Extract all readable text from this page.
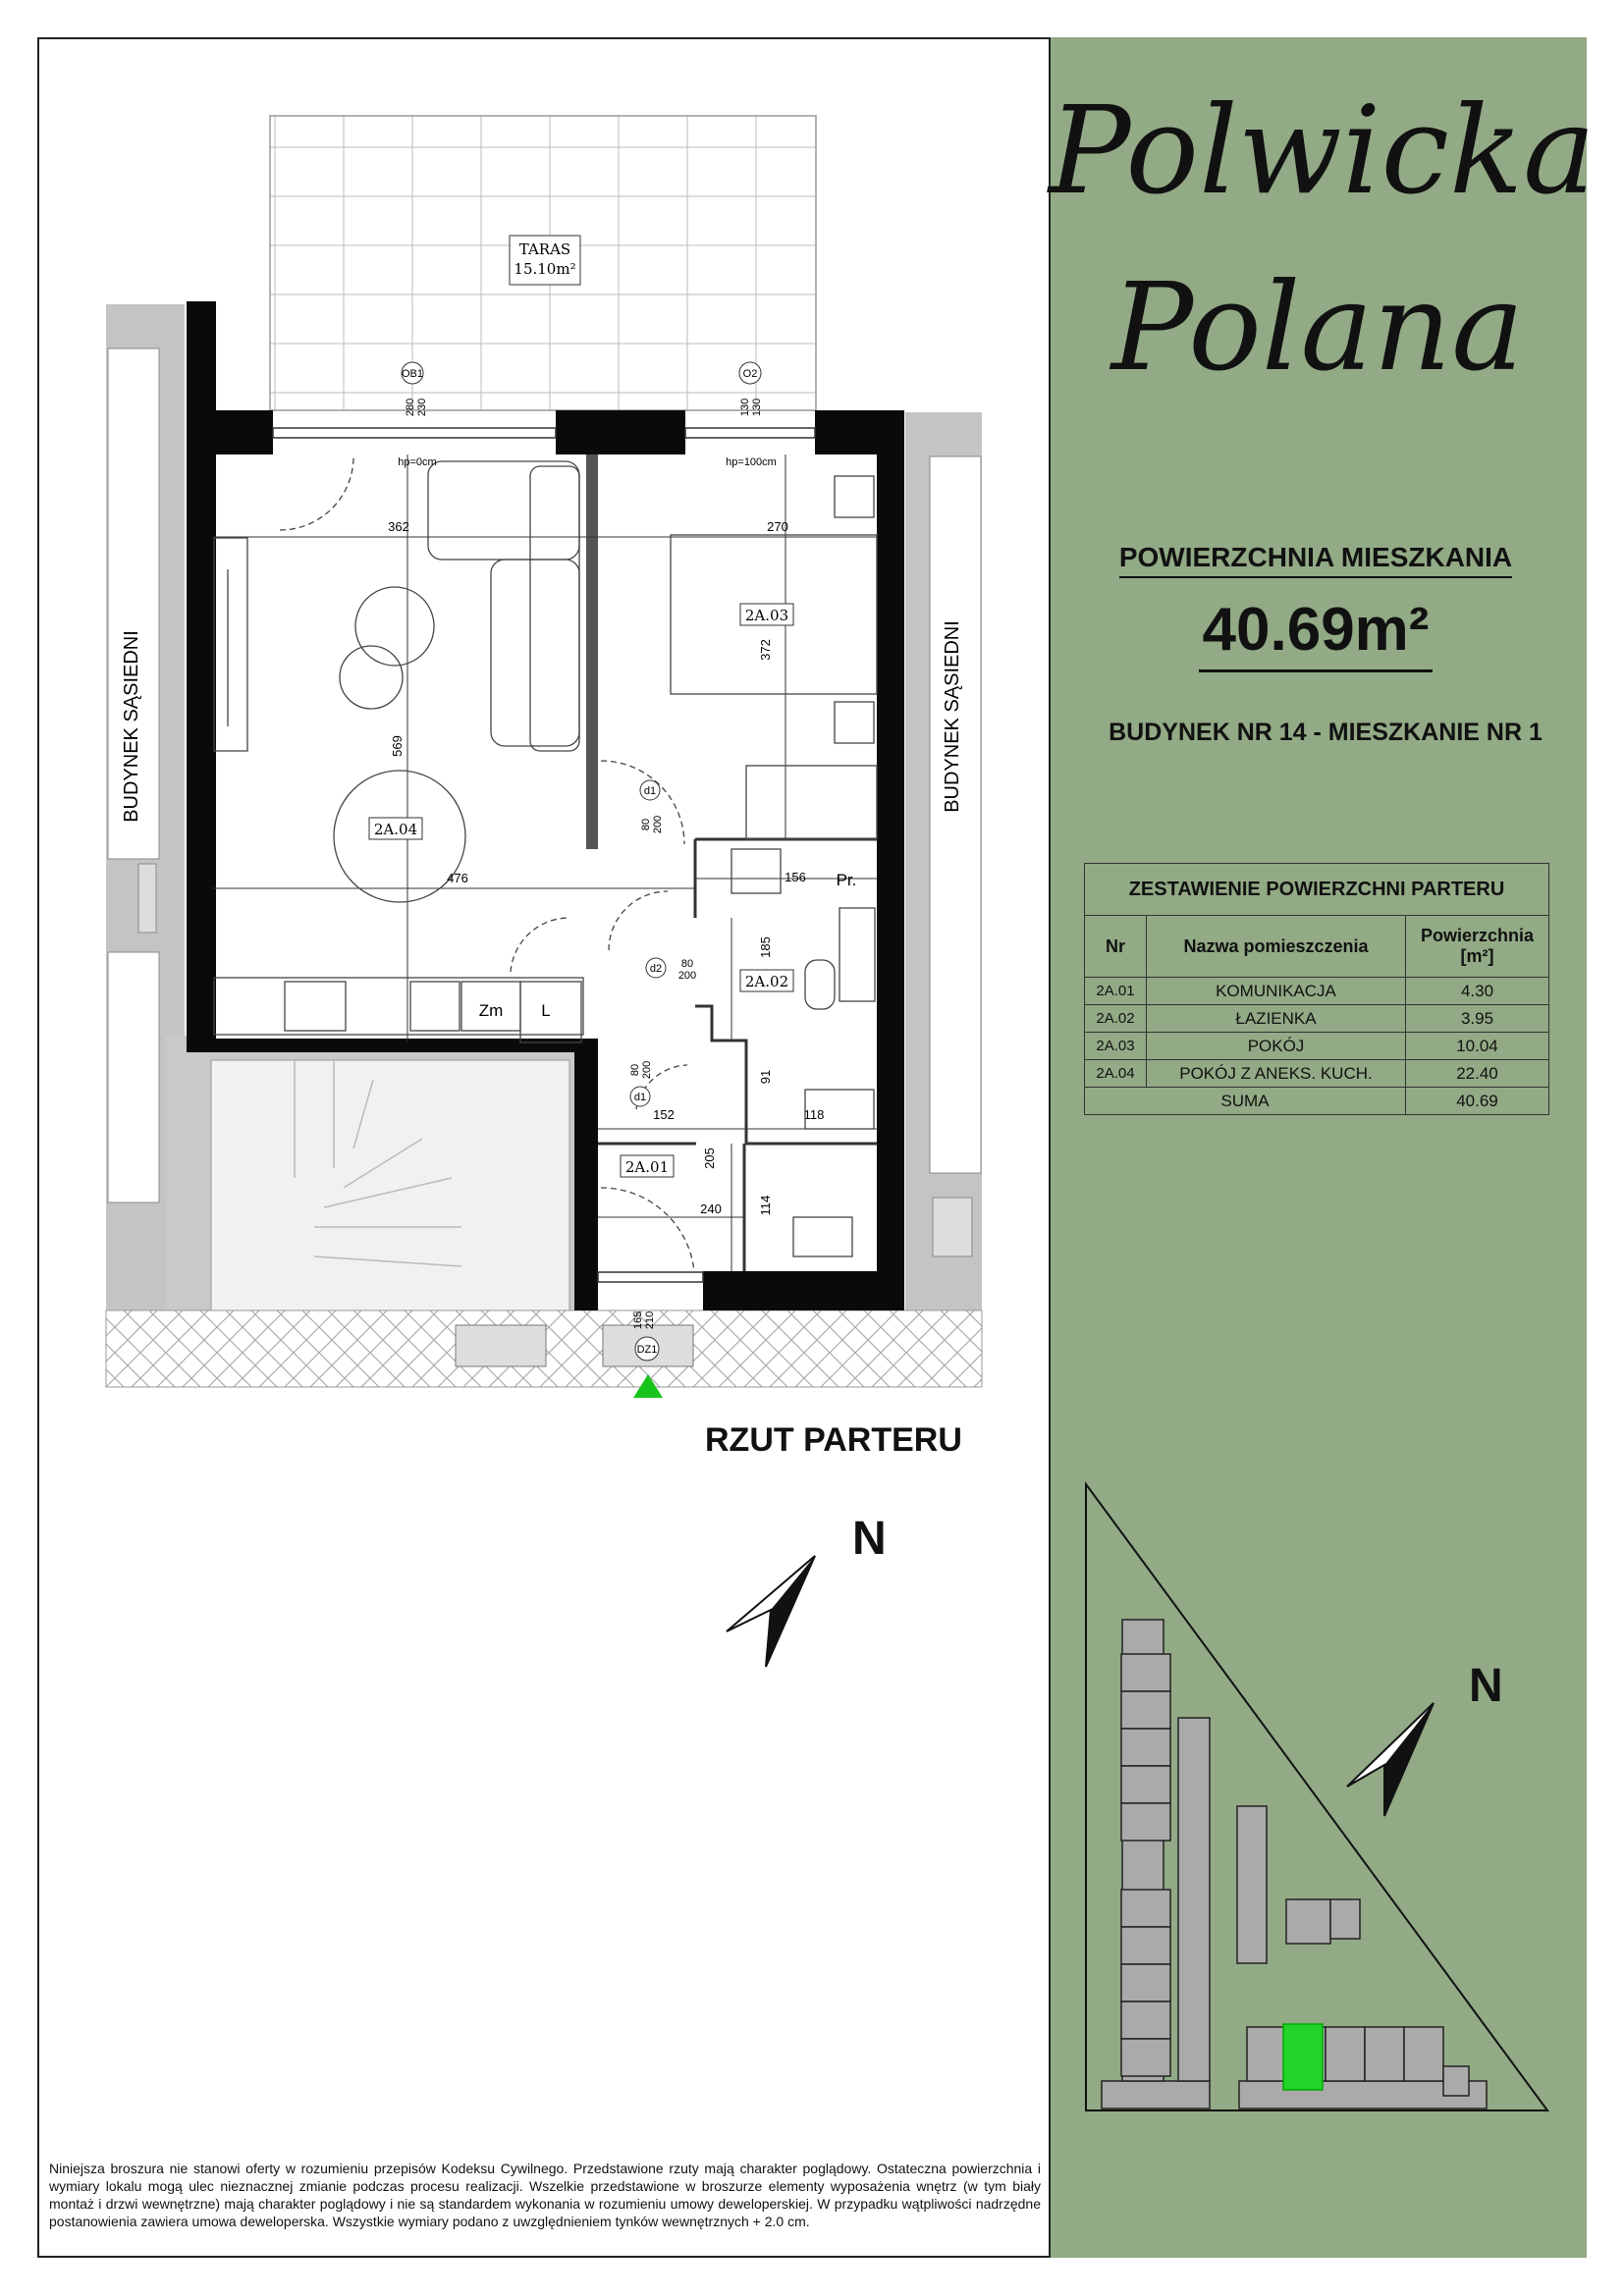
Polwicka
Polana
POWIERZCHNIA MIESZKANIA
40.69m²
BUDYNEK NR 14 - MIESZKANIE NR 1
ZESTAWIENIE POWIERZCHNI PARTERU		
Nr	Nazwa pomieszczenia	Powierzchnia
[m²]
2A.01	KOMUNIKACJA	4.30
2A.02	ŁAZIENKA	3.95
2A.03	POKÓJ	10.04
2A.04	POKÓJ Z ANEKS. KUCH.	22.40
SUMA		40.69
TARAS
15.10m²
BUDYNEK SĄSIEDNI	BUDYNEK SĄSIEDNI
2A.03
2A.04
2A.02
2A.01
362	270
372
569
476	156
185
152	118
91
205
240	114
280 230	130 130
80 200
80
200
80 200
165 210
OB1	O2
d1
d2
d1
DZ1
hp=0cm	hp=100cm
Zm L
Pr.
RZUT PARTERU
N
N
Niniejsza broszura nie stanowi oferty w rozumieniu przepisów Kodeksu Cywilnego. Przedstawione rzuty mają charakter poglądowy. Ostateczna powierzchnia i wymiary lokalu mogą ulec nieznacznej zmianie podczas procesu realizacji. Wszelkie przedstawione w broszurze elementy wyposażenia wnętrz (w tym biały montaż i drzwi wewnętrzne) mają charakter poglądowy i nie są standardem wykonania w rozumieniu umowy deweloperskiej. W przypadku wątpliwości nadrzędne postanowienia zawiera umowa deweloperska. Wszystkie wymiary podano z uwzględnieniem tynków wewnętrznych + 2.0 cm.
